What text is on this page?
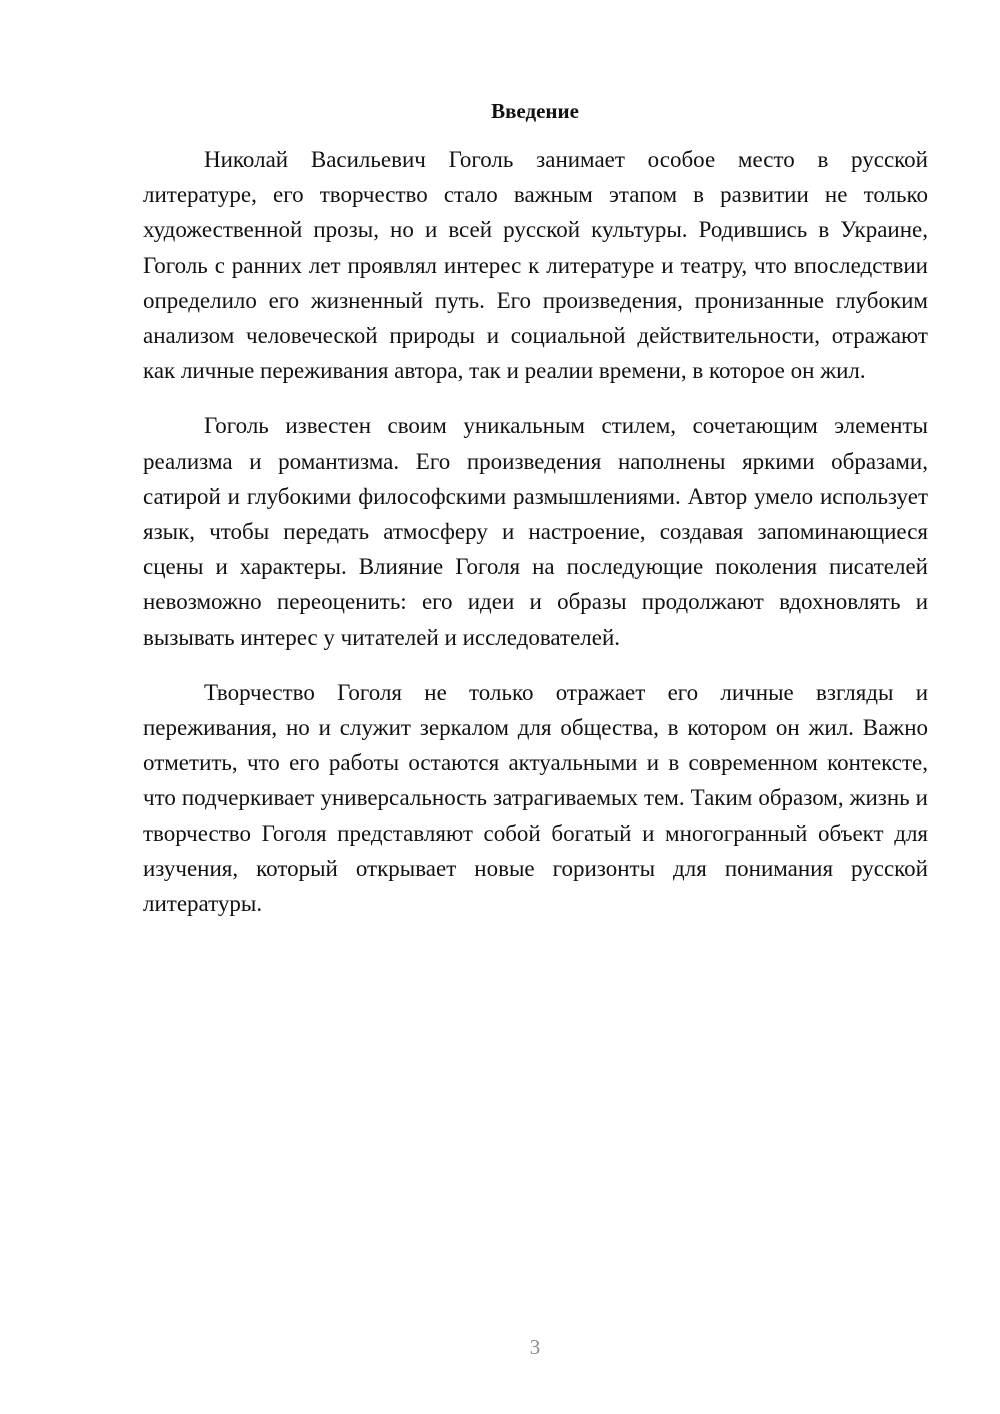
Введение

Николай Васильевич Гоголь занимает особое место в русской литературе, его творчество стало важным этапом в развитии не только художественной прозы, но и всей русской культуры. Родившись в Украине, Гоголь с ранних лет проявлял интерес к литературе и театру, что впоследствии определило его жизненный путь. Его произведения, пронизанные глубоким анализом человеческой природы и социальной действительности, отражают как личные переживания автора, так и реалии времени, в которое он жил.

Гоголь известен своим уникальным стилем, сочетающим элементы реализма и романтизма. Его произведения наполнены яркими образами, сатирой и глубокими философскими размышлениями. Автор умело использует язык, чтобы передать атмосферу и настроение, создавая запоминающиеся сцены и характеры. Влияние Гоголя на последующие поколения писателей невозможно переоценить: его идеи и образы продолжают вдохновлять и вызывать интерес у читателей и исследователей.

Творчество Гоголя не только отражает его личные взгляды и переживания, но и служит зеркалом для общества, в котором он жил. Важно отметить, что его работы остаются актуальными и в современном контексте, что подчеркивает универсальность затрагиваемых тем. Таким образом, жизнь и творчество Гоголя представляют собой богатый и многогранный объект для изучения, который открывает новые горизонты для понимания русской литературы.

3
